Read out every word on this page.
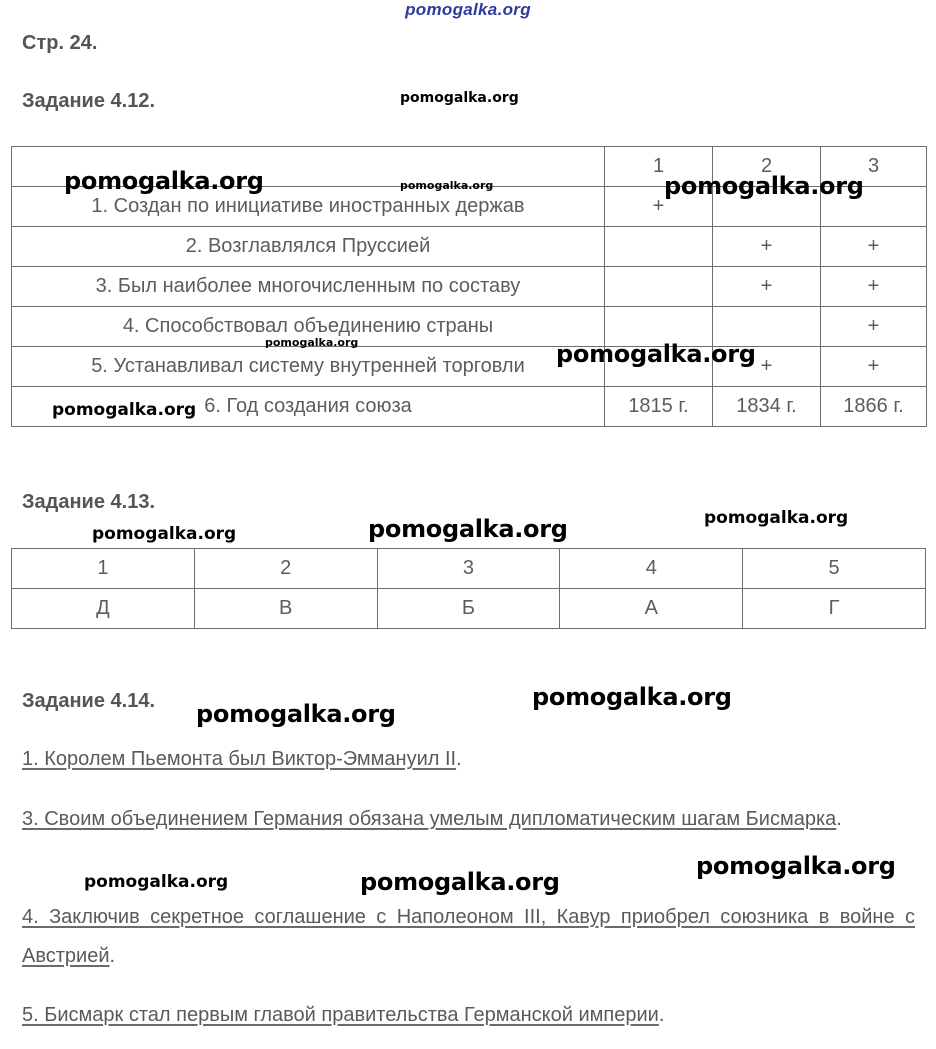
pomogalka.org
Стр. 24.
Задание 4.12.
	1	2	3
1. Создан по инициативе иностранных держав	+		
2. Возглавлялся Пруссией		+	+
3. Был наиболее многочисленным по составу		+	+
4. Способствовал объединению страны			+
5. Устанавливал систему внутренней торговли		+	+
6. Год создания союза	1815 г.	1834 г.	1866 г.
Задание 4.13.
1	2	3	4	5
Д	В	Б	А	Г
Задание 4.14.
1. Королем Пьемонта был Виктор-Эммануил II.
3. Своим объединением Германия обязана умелым дипломатическим шагам Бисмарка.
4. Заключив секретное соглашение с Наполеоном III, Кавур приобрел союзника в войне с Австрией.
5. Бисмарк стал первым главой правительства Германской империи.
pomogalka.org
pomogalka.org	pomogalka.org	pomogalka.org
pomogalka.org	pomogalka.org
pomogalka.org
pomogalka.org	pomogalka.org	pomogalka.org
pomogalka.org
pomogalka.org
pomogalka.org
pomogalka.org	pomogalka.org
